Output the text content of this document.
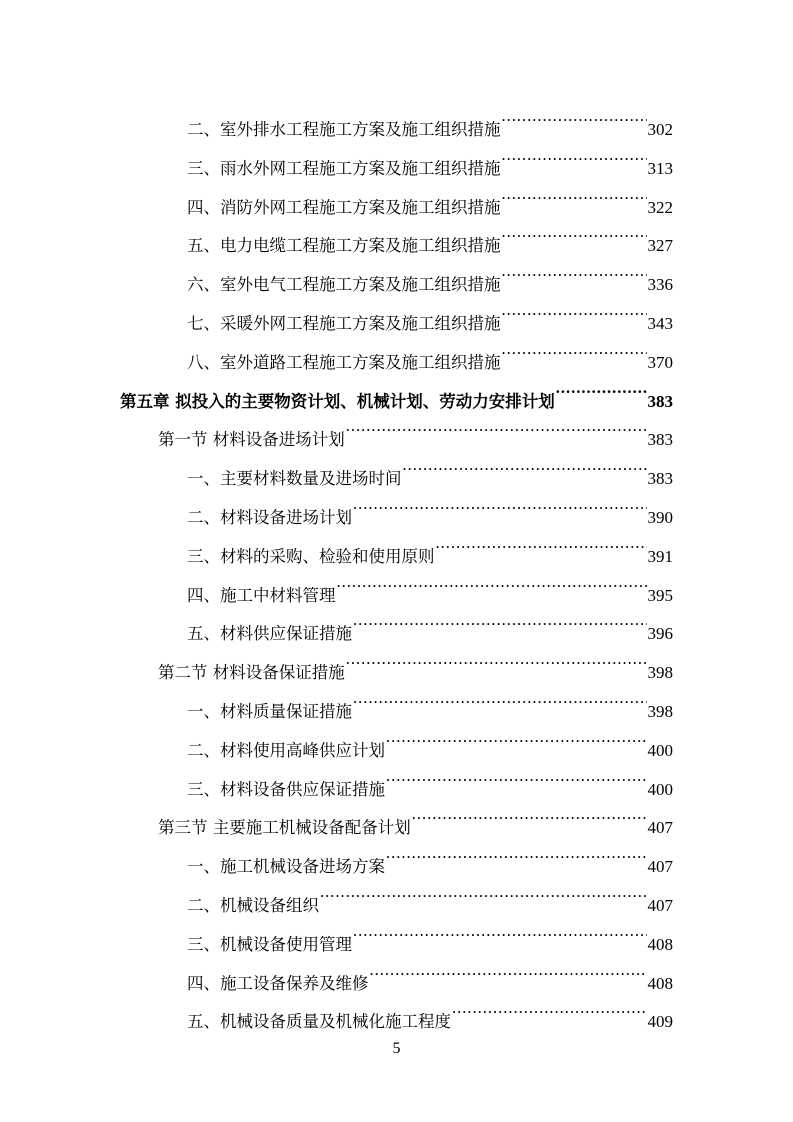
二、室外排水工程施工方案及施工组织措施 .....	302
三、雨水外网工程施工方案及施工组织措施 .....	313
四、消防外网工程施工方案及施工组织措施 .....	322
五、电力电缆工程施工方案及施工组织措施 .....	327
六、室外电气工程施工方案及施工组织措施 .....	336
七、采暖外网工程施工方案及施工组织措施 .....	343
八、室外道路工程施工方案及施工组织措施 .....	370
第五章 拟投入的主要物资计划、机械计划、劳动力安排计划 .....	383
第一节 材料设备进场计划 .....	383
一、主要材料数量及进场时间 .....	383
二、材料设备进场计划 .....	390
三、材料的采购、检验和使用原则 .....	391
四、施工中材料管理 .....	395
五、材料供应保证措施 .....	396
第二节 材料设备保证措施 .....	398
一、材料质量保证措施 .....	398
二、材料使用高峰供应计划 .....	400
三、材料设备供应保证措施 .....	400
第三节 主要施工机械设备配备计划 .....	407
一、施工机械设备进场方案 .....	407
二、机械设备组织 .....	407
三、机械设备使用管理 .....	408
四、施工设备保养及维修 .....	408
五、机械设备质量及机械化施工程度 .....	409
5
